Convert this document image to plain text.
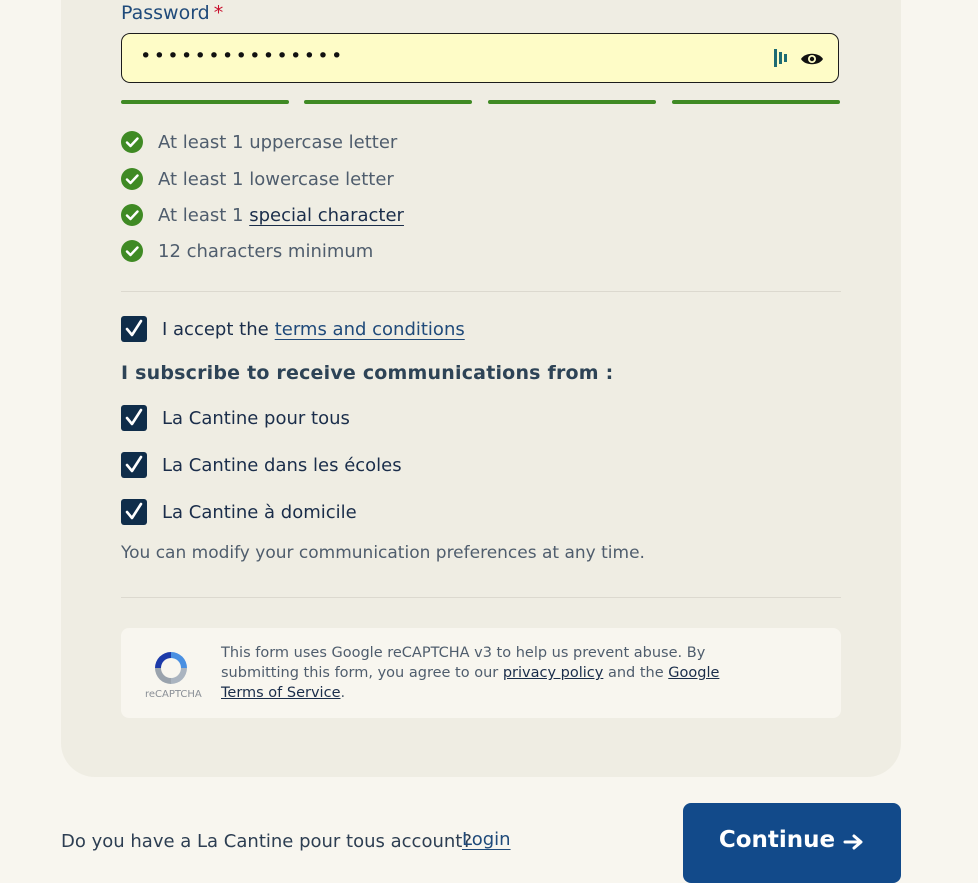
Password *
•••••••••••••••
At least 1 uppercase letter
At least 1 lowercase letter
At least 1 special character
12 characters minimum
I accept the terms and conditions
I subscribe to receive communications from :
La Cantine pour tous
La Cantine dans les écoles
La Cantine à domicile
You can modify your communication preferences at any time.
reCAPTCHA
This form uses Google reCAPTCHA v3 to help us prevent abuse. By submitting this form, you agree to our privacy policy and the Google Terms of Service.
Do you have a La Cantine pour tous account?
Login	Continue
